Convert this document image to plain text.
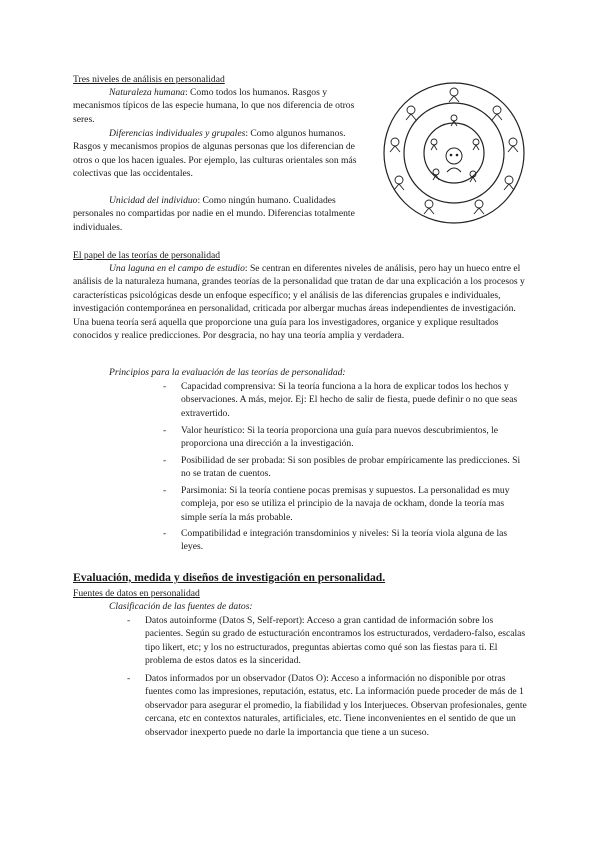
Tres niveles de análisis en personalidad
Naturaleza humana: Como todos los humanos. Rasgos y mecanismos típicos de las especie humana, lo que nos diferencia de otros seres.
Diferencias individuales y grupales: Como algunos humanos. Rasgos y mecanismos propios de algunas personas que los diferencian de otros o que los hacen iguales. Por ejemplo, las culturas orientales son más colectivas que las occidentales.
Unicidad del individuo: Como ningún humano. Cualidades personales no compartidas por nadie en el mundo. Diferencias totalmente individuales.
El papel de las teorías de personalidad
Una laguna en el campo de estudio: Se centran en diferentes niveles de análisis, pero hay un hueco entre el análisis de la naturaleza humana, grandes teorías de la personalidad que tratan de dar una explicación a los procesos y características psicológicas desde un enfoque específico; y el análisis de las diferencias grupales e individuales, investigación contemporánea en personalidad, criticada por albergar muchas áreas independientes de investigación. Una buena teoría será aquella que proporcione una guía para los investigadores, organice y explique resultados conocidos y realice predicciones. Por desgracia, no hay una teoría amplia y verdadera.
Principios para la evaluación de las teorías de personalidad:
- Capacidad comprensiva: Si la teoría funciona a la hora de explicar todos los hechos y observaciones. A más, mejor. Ej: El hecho de salir de fiesta, puede definir o no que seas extravertido.
- Valor heurístico: Si la teoría proporciona una guía para nuevos descubrimientos, le proporciona una dirección a la investigación.
- Posibilidad de ser probada: Si son posibles de probar empíricamente las predicciones. Si no se tratan de cuentos.
- Parsimonia: Si la teoría contiene pocas premisas y supuestos. La personalidad es muy compleja, por eso se utiliza el principio de la navaja de ockham, donde la teoría mas simple sería la más probable.
- Compatibilidad e integración transdominios y niveles: Si la teoría viola alguna de las leyes.
Evaluación, medida y diseños de investigación en personalidad.
Fuentes de datos en personalidad
Clasificación de las fuentes de datos:
- Datos autoinforme (Datos S, Self-report): Acceso a gran cantidad de información sobre los pacientes. Según su grado de estucturación encontramos los estructurados, verdadero-falso, escalas tipo likert, etc; y los no estructurados, preguntas abiertas como qué son las fiestas para ti. El problema de estos datos es la sinceridad.
- Datos informados por un observador (Datos O): Acceso a información no disponible por otras fuentes como las impresiones, reputación, estatus, etc. La información puede proceder de más de 1 observador para asegurar el promedio, la fiabilidad y los Interjueces. Observan profesionales, gente cercana, etc en contextos naturales, artificiales, etc. Tiene inconvenientes en el sentido de que un observador inexperto puede no darle la importancia que tiene a un suceso.
